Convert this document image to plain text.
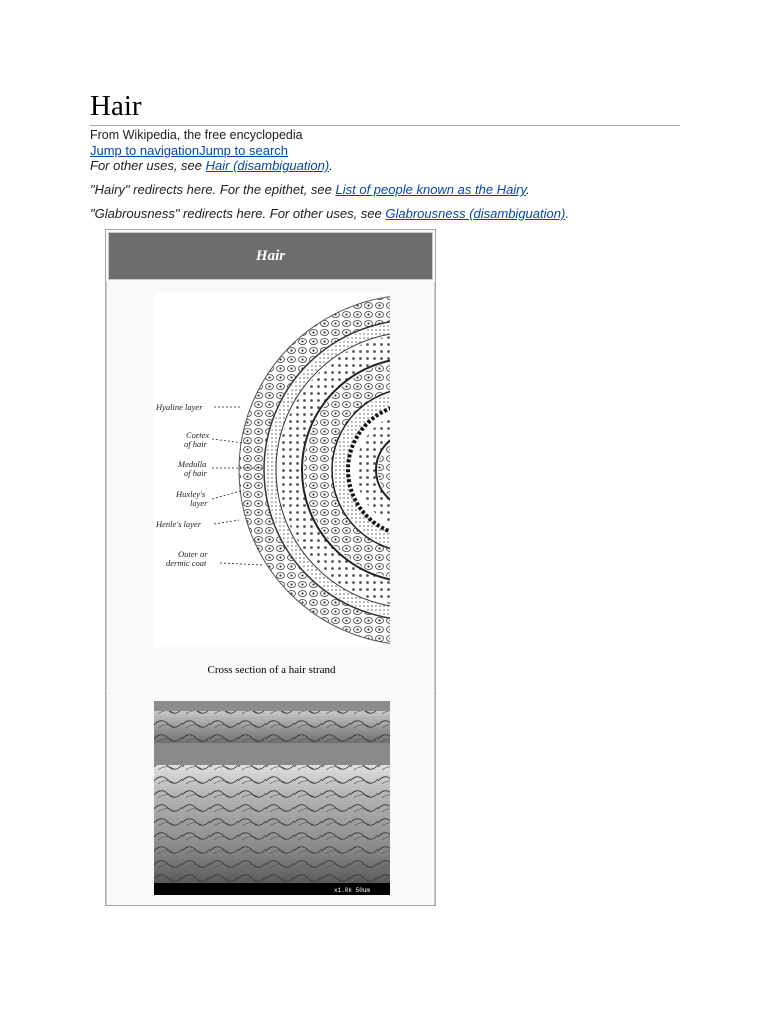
Hair
From Wikipedia, the free encyclopedia
Jump to navigationJump to search
For other uses, see Hair (disambiguation).
"Hairy" redirects here. For the epithet, see List of people known as the Hairy.
"Glabrousness" redirects here. For other uses, see Glabrousness (disambiguation).
Hair
Hyaline layer
Cortex
of hair
Medulla
of hair
Huxley's
layer
Henle's layer
Outer or
dermic coat
Cross section of a hair strand
x1.0k 50um
